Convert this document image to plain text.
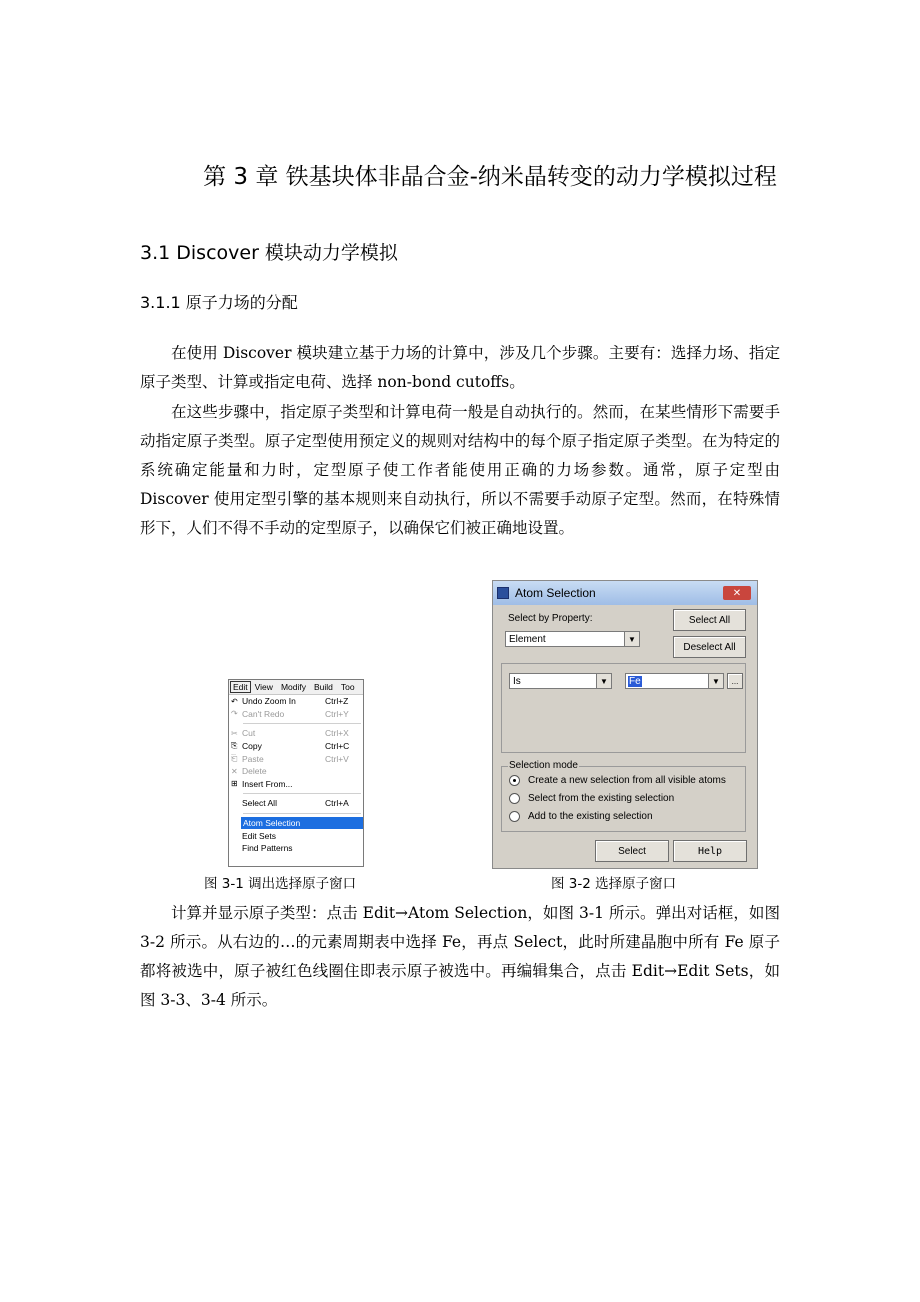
第 3 章 铁基块体非晶合金-纳米晶转变的动力学模拟过程
3.1 Discover 模块动力学模拟
3.1.1 原子力场的分配
在使用 Discover 模块建立基于力场的计算中，涉及几个步骤。主要有：选择力场、指定原子类型、计算或指定电荷、选择 non-bond cutoffs。
在这些步骤中，指定原子类型和计算电荷一般是自动执行的。然而，在某些情形下需要手动指定原子类型。原子定型使用预定义的规则对结构中的每个原子指定原子类型。在为特定的系统确定能量和力时，定型原子使工作者能使用正确的力场参数。通常，原子定型由 Discover 使用定型引擎的基本规则来自动执行，所以不需要手动原子定型。然而，在特殊情形下，人们不得不手动的定型原子，以确保它们被正确地设置。
Edit View Modify Build Too
↶ Undo Zoom In	Ctrl+Z
↷ Can't Redo	Ctrl+Y
✂ Cut	Ctrl+X
⎘ Copy	Ctrl+C
⎗ Paste	Ctrl+V
✕ Delete
⊞ Insert From...
Select All	Ctrl+A
Atom Selection
Edit Sets
Find Patterns
Atom Selection	✕
Select by Property:
Element	▼
Select All
Deselect All
Is	▼	Fe	▼	...
Selection mode
Create a new selection from all visible atoms
Select from the existing selection
Add to the existing selection
Select	Help
图 3-1 调出选择原子窗口	图 3-2 选择原子窗口
计算并显示原子类型：点击 Edit→Atom Selection，如图 3-1 所示。弹出对话框，如图 3-2 所示。从右边的…的元素周期表中选择 Fe，再点 Select，此时所建晶胞中所有 Fe 原子都将被选中，原子被红色线圈住即表示原子被选中。再编辑集合，点击 Edit→Edit Sets，如图 3-3、3-4 所示。
